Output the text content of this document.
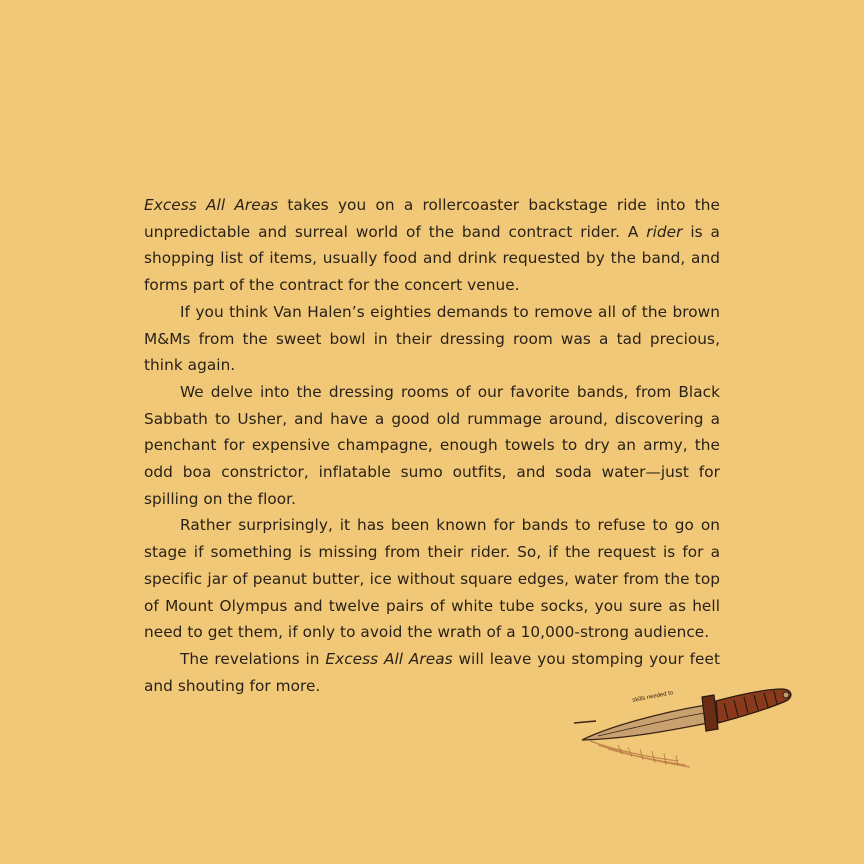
Excess All Areas takes you on a rollercoaster backstage ride into the unpredictable and surreal world of the band contract rider. A rider is a shopping list of items, usually food and drink requested by the band, and forms part of the contract for the concert venue.

If you think Van Halen’s eighties demands to remove all of the brown M&Ms from the sweet bowl in their dressing room was a tad precious, think again.

We delve into the dressing rooms of our favorite bands, from Black Sabbath to Usher, and have a good old rummage around, discovering a penchant for expensive champagne, enough towels to dry an army, the odd boa constrictor, inflatable sumo outfits, and soda water—just for spilling on the floor.

Rather surprisingly, it has been known for bands to refuse to go on stage if something is missing from their rider. So, if the request is for a specific jar of peanut butter, ice without square edges, water from the top of Mount Olympus and twelve pairs of white tube socks, you sure as hell need to get them, if only to avoid the wrath of a 10,000-strong audience.

The revelations in Excess All Areas will leave you stomping your feet and shouting for more.

skills needed to
